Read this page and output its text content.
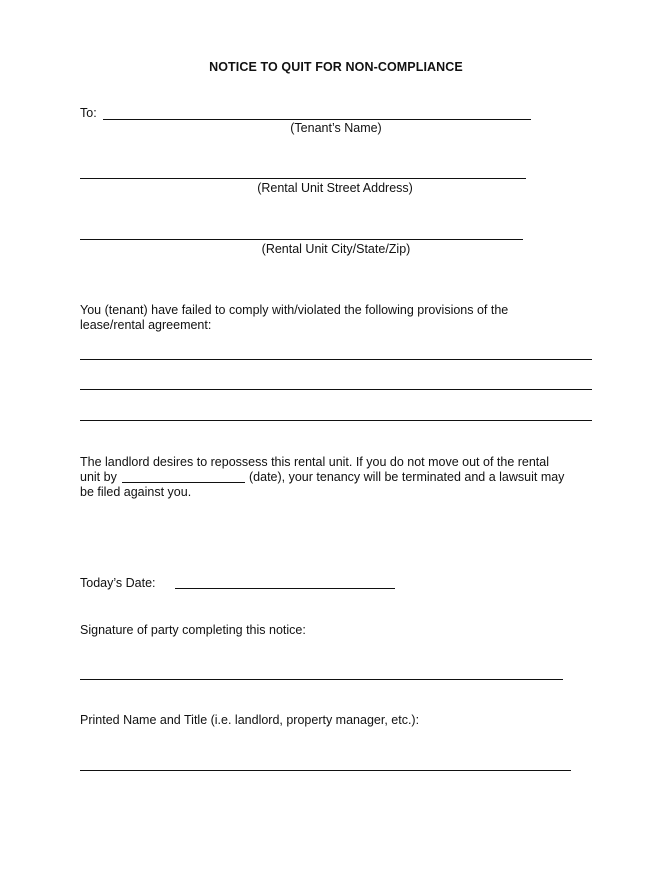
NOTICE TO QUIT FOR NON-COMPLIANCE
To:
(Tenant’s Name)
(Rental Unit Street Address)
(Rental Unit City/State/Zip)
You (tenant) have failed to comply with/violated the following provisions of the
lease/rental agreement:
The landlord desires to repossess this rental unit. If you do not move out of the rental
unit by	(date), your tenancy will be terminated and a lawsuit may
be filed against you.
Today’s Date:
Signature of party completing this notice:
Printed Name and Title (i.e. landlord, property manager, etc.):
